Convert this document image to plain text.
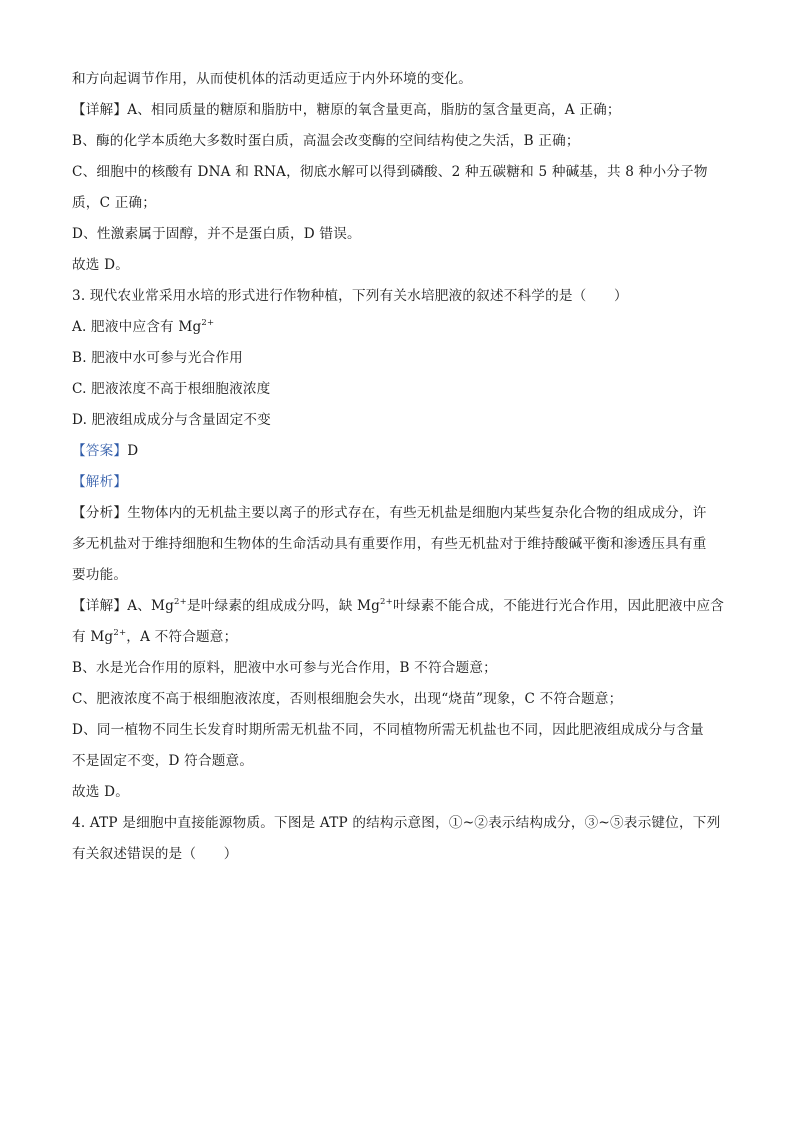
和方向起调节作用，从而使机体的活动更适应于内外环境的变化。
【详解】A、相同质量的糖原和脂肪中，糖原的氧含量更高，脂肪的氢含量更高，A 正确；
B、酶的化学本质绝大多数时蛋白质，高温会改变酶的空间结构使之失活，B 正确；
C、细胞中的核酸有 DNA 和 RNA，彻底水解可以得到磷酸、2 种五碳糖和 5 种碱基，共 8 种小分子物
质，C 正确；
D、性激素属于固醇，并不是蛋白质，D 错误。
故选 D。
3. 现代农业常采用水培的形式进行作物种植，下列有关水培肥液的叙述不科学的是（　　）
A. 肥液中应含有 $Mg^{2+}$
B. 肥液中水可参与光合作用
C. 肥液浓度不高于根细胞液浓度
D. 肥液组成成分与含量固定不变
【答案】D
【解析】
【分析】生物体内的无机盐主要以离子的形式存在，有些无机盐是细胞内某些复杂化合物的组成成分，许
多无机盐对于维持细胞和生物体的生命活动具有重要作用，有些无机盐对于维持酸碱平衡和渗透压具有重
要功能。
【详解】A、$Mg^{2+}$是叶绿素的组成成分吗，缺 $Mg^{2+}$叶绿素不能合成，不能进行光合作用，因此肥液中应含
有 $Mg^{2+}$，A 不符合题意；
B、水是光合作用的原料，肥液中水可参与光合作用，B 不符合题意；
C、肥液浓度不高于根细胞液浓度，否则根细胞会失水，出现“烧苗”现象，C 不符合题意；
D、同一植物不同生长发育时期所需无机盐不同，不同植物所需无机盐也不同，因此肥液组成成分与含量
不是固定不变，D 符合题意。
故选 D。
4. ATP 是细胞中直接能源物质。下图是 ATP 的结构示意图，①~②表示结构成分，③~⑤表示键位，下列
有关叙述错误的是（　　）
